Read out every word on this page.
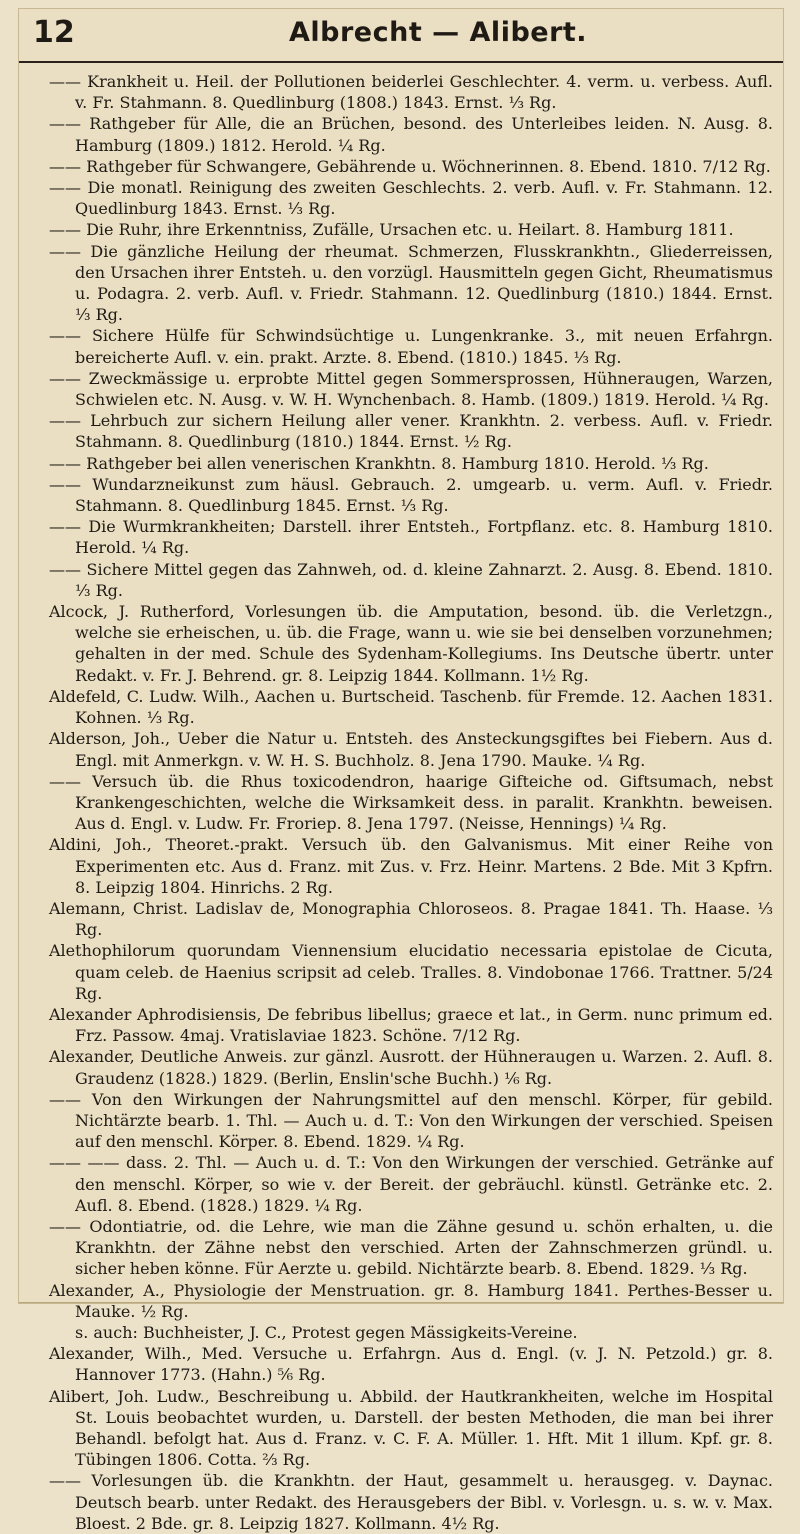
12	Albrecht — Alibert.

—— Krankheit u. Heil. der Pollutionen beiderlei Geschlechter. 4. verm. u. verbess. Aufl. v. Fr. Stahmann. 8. Quedlinburg (1808.) 1843. Ernst. ⅓ Rg.

—— Rathgeber für Alle, die an Brüchen, besond. des Unterleibes leiden. N. Ausg. 8. Hamburg (1809.) 1812. Herold. ¼ Rg.

—— Rathgeber für Schwangere, Gebährende u. Wöchnerinnen. 8. Ebend. 1810. 7/12 Rg.

—— Die monatl. Reinigung des zweiten Geschlechts. 2. verb. Aufl. v. Fr. Stahmann. 12. Quedlinburg 1843. Ernst. ⅓ Rg.

—— Die Ruhr, ihre Erkenntniss, Zufälle, Ursachen etc. u. Heilart. 8. Hamburg 1811.

—— Die gänzliche Heilung der rheumat. Schmerzen, Flusskrankhtn., Gliederreissen, den Ursachen ihrer Entsteh. u. den vorzügl. Hausmitteln gegen Gicht, Rheumatismus u. Podagra. 2. verb. Aufl. v. Friedr. Stahmann. 12. Quedlinburg (1810.) 1844. Ernst. ⅓ Rg.

—— Sichere Hülfe für Schwindsüchtige u. Lungenkranke. 3., mit neuen Erfahrgn. bereicherte Aufl. v. ein. prakt. Arzte. 8. Ebend. (1810.) 1845. ⅓ Rg.

—— Zweckmässige u. erprobte Mittel gegen Sommersprossen, Hühneraugen, Warzen, Schwielen etc. N. Ausg. v. W. H. Wynchenbach. 8. Hamb. (1809.) 1819. Herold. ¼ Rg.

—— Lehrbuch zur sichern Heilung aller vener. Krankhtn. 2. verbess. Aufl. v. Friedr. Stahmann. 8. Quedlinburg (1810.) 1844. Ernst. ½ Rg.

—— Rathgeber bei allen venerischen Krankhtn. 8. Hamburg 1810. Herold. ⅓ Rg.

—— Wundarzneikunst zum häusl. Gebrauch. 2. umgearb. u. verm. Aufl. v. Friedr. Stahmann. 8. Quedlinburg 1845. Ernst. ⅓ Rg.

—— Die Wurmkrankheiten; Darstell. ihrer Entsteh., Fortpflanz. etc. 8. Hamburg 1810. Herold. ¼ Rg.

—— Sichere Mittel gegen das Zahnweh, od. d. kleine Zahnarzt. 2. Ausg. 8. Ebend. 1810. ⅓ Rg.

Alcock, J. Rutherford, Vorlesungen üb. die Amputation, besond. üb. die Verletzgn., welche sie erheischen, u. üb. die Frage, wann u. wie sie bei denselben vorzunehmen; gehalten in der med. Schule des Sydenham-Kollegiums. Ins Deutsche übertr. unter Redakt. v. Fr. J. Behrend. gr. 8. Leipzig 1844. Kollmann. 1½ Rg.

Aldefeld, C. Ludw. Wilh., Aachen u. Burtscheid. Taschenb. für Fremde. 12. Aachen 1831. Kohnen. ⅓ Rg.

Alderson, Joh., Ueber die Natur u. Entsteh. des Ansteckungsgiftes bei Fiebern. Aus d. Engl. mit Anmerkgn. v. W. H. S. Buchholz. 8. Jena 1790. Mauke. ¼ Rg.

—— Versuch üb. die Rhus toxicodendron, haarige Gifteiche od. Giftsumach, nebst Krankengeschichten, welche die Wirksamkeit dess. in paralit. Krankhtn. beweisen. Aus d. Engl. v. Ludw. Fr. Froriep. 8. Jena 1797. (Neisse, Hennings) ¼ Rg.

Aldini, Joh., Theoret.-prakt. Versuch üb. den Galvanismus. Mit einer Reihe von Experimenten etc. Aus d. Franz. mit Zus. v. Frz. Heinr. Martens. 2 Bde. Mit 3 Kpfrn. 8. Leipzig 1804. Hinrichs. 2 Rg.

Alemann, Christ. Ladislav de, Monographia Chloroseos. 8. Pragae 1841. Th. Haase. ⅓ Rg.

Alethophilorum quorundam Viennensium elucidatio necessaria epistolae de Cicuta, quam celeb. de Haenius scripsit ad celeb. Tralles. 8. Vindobonae 1766. Trattner. 5/24 Rg.

Alexander Aphrodisiensis, De febribus libellus; graece et lat., in Germ. nunc primum ed. Frz. Passow. 4maj. Vratislaviae 1823. Schöne. 7/12 Rg.

Alexander, Deutliche Anweis. zur gänzl. Ausrott. der Hühneraugen u. Warzen. 2. Aufl. 8. Graudenz (1828.) 1829. (Berlin, Enslin'sche Buchh.) ⅙ Rg.

—— Von den Wirkungen der Nahrungsmittel auf den menschl. Körper, für gebild. Nichtärzte bearb. 1. Thl. — Auch u. d. T.: Von den Wirkungen der verschied. Speisen auf den menschl. Körper. 8. Ebend. 1829. ¼ Rg.

—— —— dass. 2. Thl. — Auch u. d. T.: Von den Wirkungen der verschied. Getränke auf den menschl. Körper, so wie v. der Bereit. der gebräuchl. künstl. Getränke etc. 2. Aufl. 8. Ebend. (1828.) 1829. ¼ Rg.

—— Odontiatrie, od. die Lehre, wie man die Zähne gesund u. schön erhalten, u. die Krankhtn. der Zähne nebst den verschied. Arten der Zahnschmerzen gründl. u. sicher heben könne. Für Aerzte u. gebild. Nichtärzte bearb. 8. Ebend. 1829. ⅓ Rg.

Alexander, A., Physiologie der Menstruation. gr. 8. Hamburg 1841. Perthes-Besser u. Mauke. ½ Rg.

s. auch: Buchheister, J. C., Protest gegen Mässigkeits-Vereine.

Alexander, Wilh., Med. Versuche u. Erfahrgn. Aus d. Engl. (v. J. N. Petzold.) gr. 8. Hannover 1773. (Hahn.) ⅚ Rg.

Alibert, Joh. Ludw., Beschreibung u. Abbild. der Hautkrankheiten, welche im Hospital St. Louis beobachtet wurden, u. Darstell. der besten Methoden, die man bei ihrer Behandl. befolgt hat. Aus d. Franz. v. C. F. A. Müller. 1. Hft. Mit 1 illum. Kpf. gr. 8. Tübingen 1806. Cotta. ⅔ Rg.

—— Vorlesungen üb. die Krankhtn. der Haut, gesammelt u. herausgeg. v. Daynac. Deutsch bearb. unter Redakt. des Herausgebers der Bibl. v. Vorlesgn. u. s. w. v. Max. Bloest. 2 Bde. gr. 8. Leipzig 1827. Kollmann. 4½ Rg.
